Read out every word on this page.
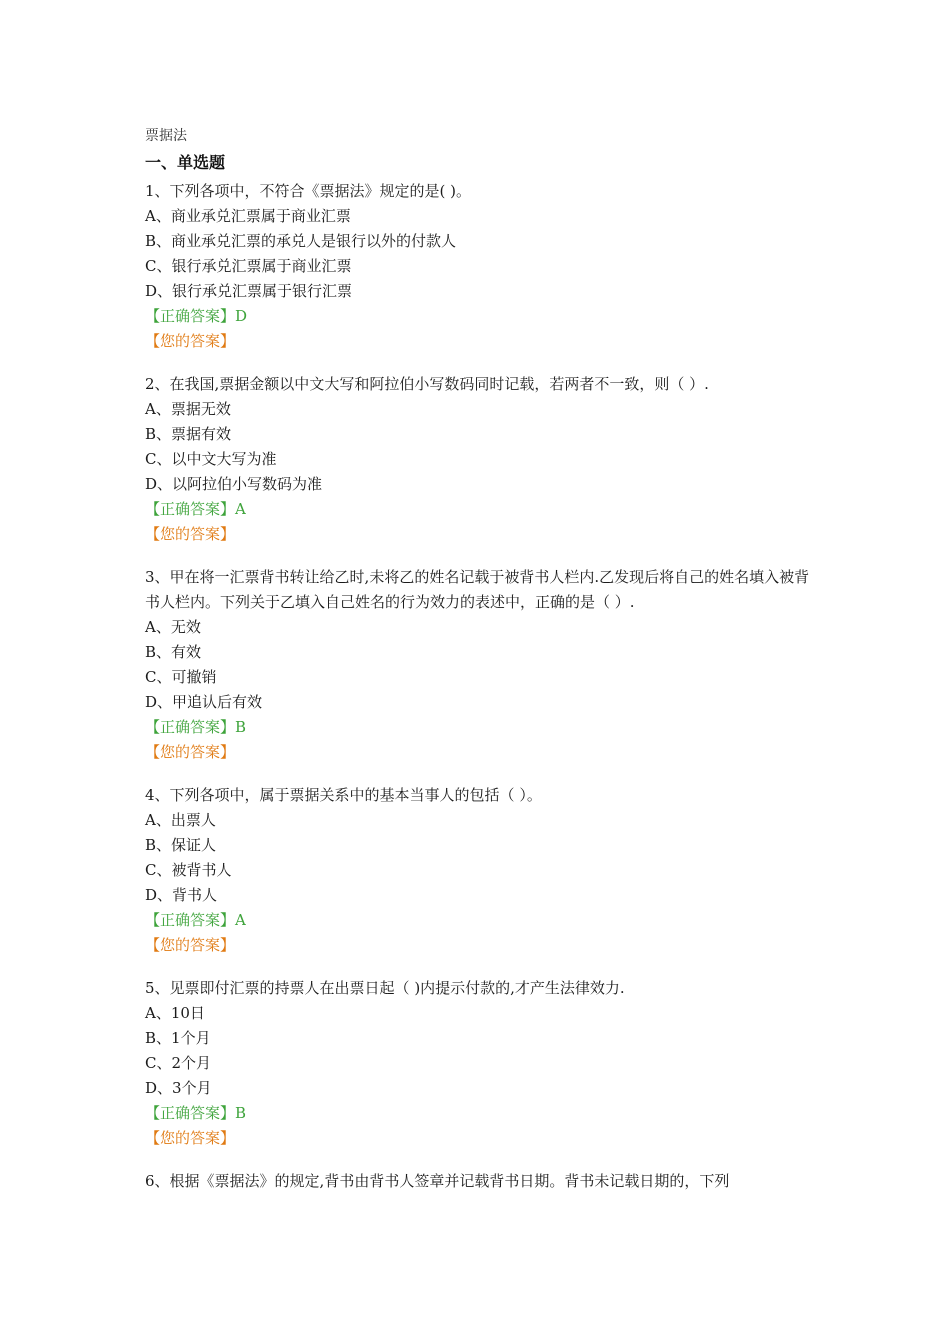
票据法
一、单选题
1、下列各项中，不符合《票据法》规定的是( )。
A、商业承兑汇票属于商业汇票
B、商业承兑汇票的承兑人是银行以外的付款人
C、银行承兑汇票属于商业汇票
D、银行承兑汇票属于银行汇票
【正确答案】D
【您的答案】
2、在我国,票据金额以中文大写和阿拉伯小写数码同时记载，若两者不一致，则（ ）.
A、票据无效
B、票据有效
C、以中文大写为准
D、以阿拉伯小写数码为准
【正确答案】A
【您的答案】
3、甲在将一汇票背书转让给乙时,未将乙的姓名记载于被背书人栏内.乙发现后将自己的姓名填入被背书人栏内。下列关于乙填入自己姓名的行为效力的表述中，正确的是（ ）.
A、无效
B、有效
C、可撤销
D、甲追认后有效
【正确答案】B
【您的答案】
4、下列各项中，属于票据关系中的基本当事人的包括（ ）。
A、出票人
B、保证人
C、被背书人
D、背书人
【正确答案】A
【您的答案】
5、见票即付汇票的持票人在出票日起（ )内提示付款的,才产生法律效力.
A、10日
B、1个月
C、2个月
D、3个月
【正确答案】B
【您的答案】
6、根据《票据法》的规定,背书由背书人签章并记载背书日期。背书未记载日期的，下列
